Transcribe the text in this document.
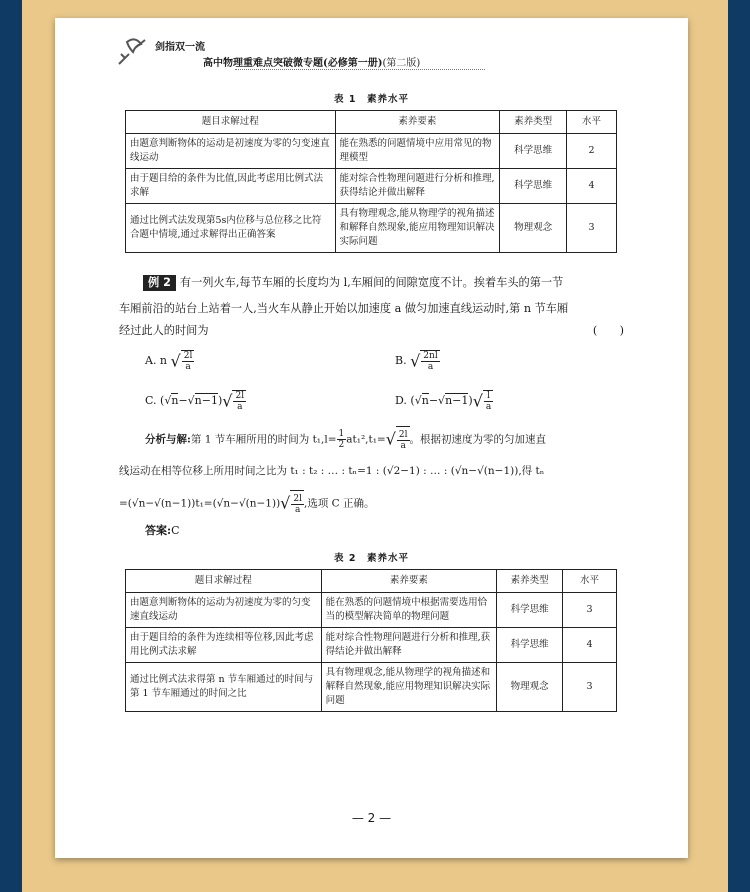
剑指双一流
高中物理重难点突破微专题(必修第一册)(第二版)
表 1　素养水平
题目求解过程	素养要素	素养类型	水平
由题意判断物体的运动是初速度为零的匀变速直线运动	能在熟悉的问题情境中应用常见的物理模型	科学思维	2
由于题目给的条件为比值,因此考虑用比例式法求解	能对综合性物理问题进行分析和推理,获得结论并做出解释	科学思维	4
通过比例式法发现第5s内位移与总位移之比符合题中情境,通过求解得出正确答案	具有物理观念,能从物理学的视角描述和解释自然现象,能应用物理知识解决实际问题	物理观念	3
例 2 有一列火车,每节车厢的长度均为 l,车厢间的间隙宽度不计。挨着车头的第一节
车厢前沿的站台上站着一人,当火车从静止开始以加速度 a 做匀加速直线运动时,第 n 节车厢
经过此人的时间为	(　　)
A. n √ $\frac{2l}{a}$	B. √ $\frac{2nl}{a}$
C. $(√n-√n-1)√ \frac{2l}{a}$	D. $(√n-√n-1)√ \frac{l}{a}$
分析与解:第 1 节车厢所用的时间为 $t_1,l= \frac{1}{2} at_1^2,t_1=√ \frac{2l}{a}$ 。根据初速度为零的匀加速直
线运动在相等位移上所用时间之比为 t₁ : t₂ : … : tₙ=1 : (√2−1) : … : (√n−√(n−1)),得 tₙ
$=(√n-√(n-1))t_1=(√n-√(n-1))√ \frac{2l}{a}$ ,选项 C 正确。
答案:C
表 2　素养水平
题目求解过程	素养要素	素养类型	水平
由题意判断物体的运动为初速度为零的匀变速直线运动	能在熟悉的问题情境中根据需要选用恰当的模型解决简单的物理问题	科学思维	3
由于题目给的条件为连续相等位移,因此考虑用比例式法求解	能对综合性物理问题进行分析和推理,获得结论并做出解释	科学思维	4
通过比例式法求得第 n 节车厢通过的时间与第 1 节车厢通过的时间之比	具有物理观念,能从物理学的视角描述和解释自然现象,能应用物理知识解决实际问题	物理观念	3
— 2 —
